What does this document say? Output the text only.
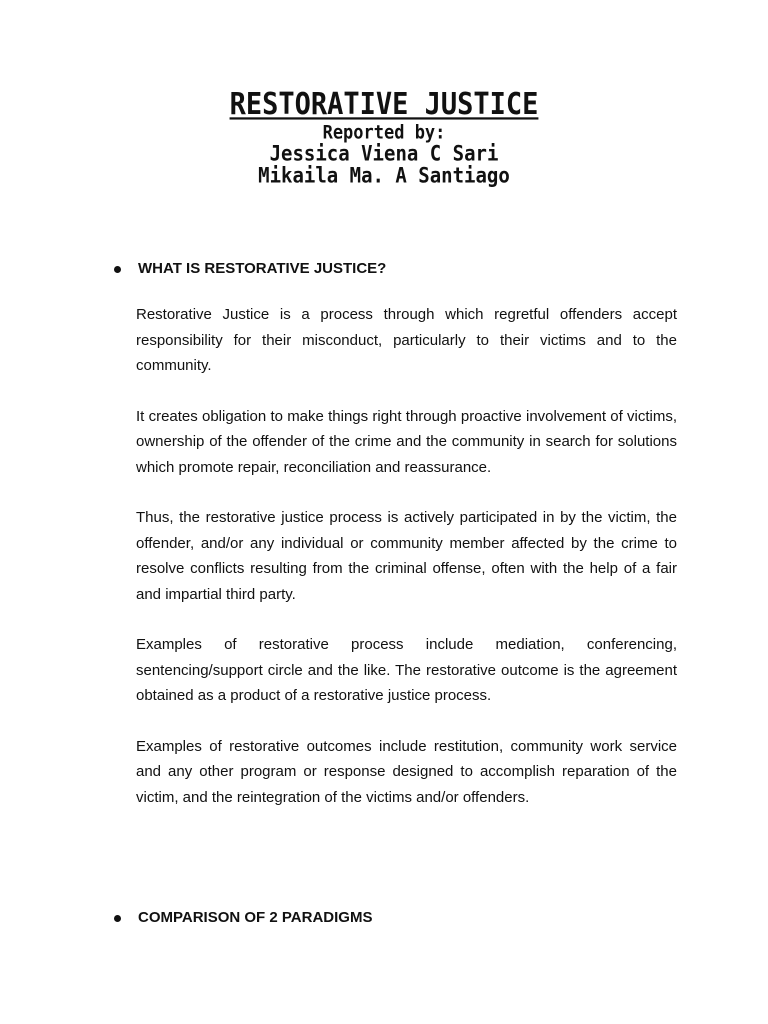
RESTORATIVE JUSTICE
Reported by:
Jessica Viena C Sari
Mikaila Ma. A Santiago
WHAT IS RESTORATIVE JUSTICE?

Restorative Justice is a process through which regretful offenders accept responsibility for their misconduct, particularly to their victims and to the community.

It creates obligation to make things right through proactive involvement of victims, ownership of the offender of the crime and the community in search for solutions which promote repair, reconciliation and reassurance.

Thus, the restorative justice process is actively participated in by the victim, the offender, and/or any individual or community member affected by the crime to resolve conflicts resulting from the criminal offense, often with the help of a fair and impartial third party.

Examples of restorative process include mediation, conferencing, sentencing/support circle and the like. The restorative outcome is the agreement obtained as a product of a restorative justice process.

Examples of restorative outcomes include restitution, community work service and any other program or response designed to accomplish reparation of the victim, and the reintegration of the victims and/or offenders.

COMPARISON OF 2 PARADIGMS
